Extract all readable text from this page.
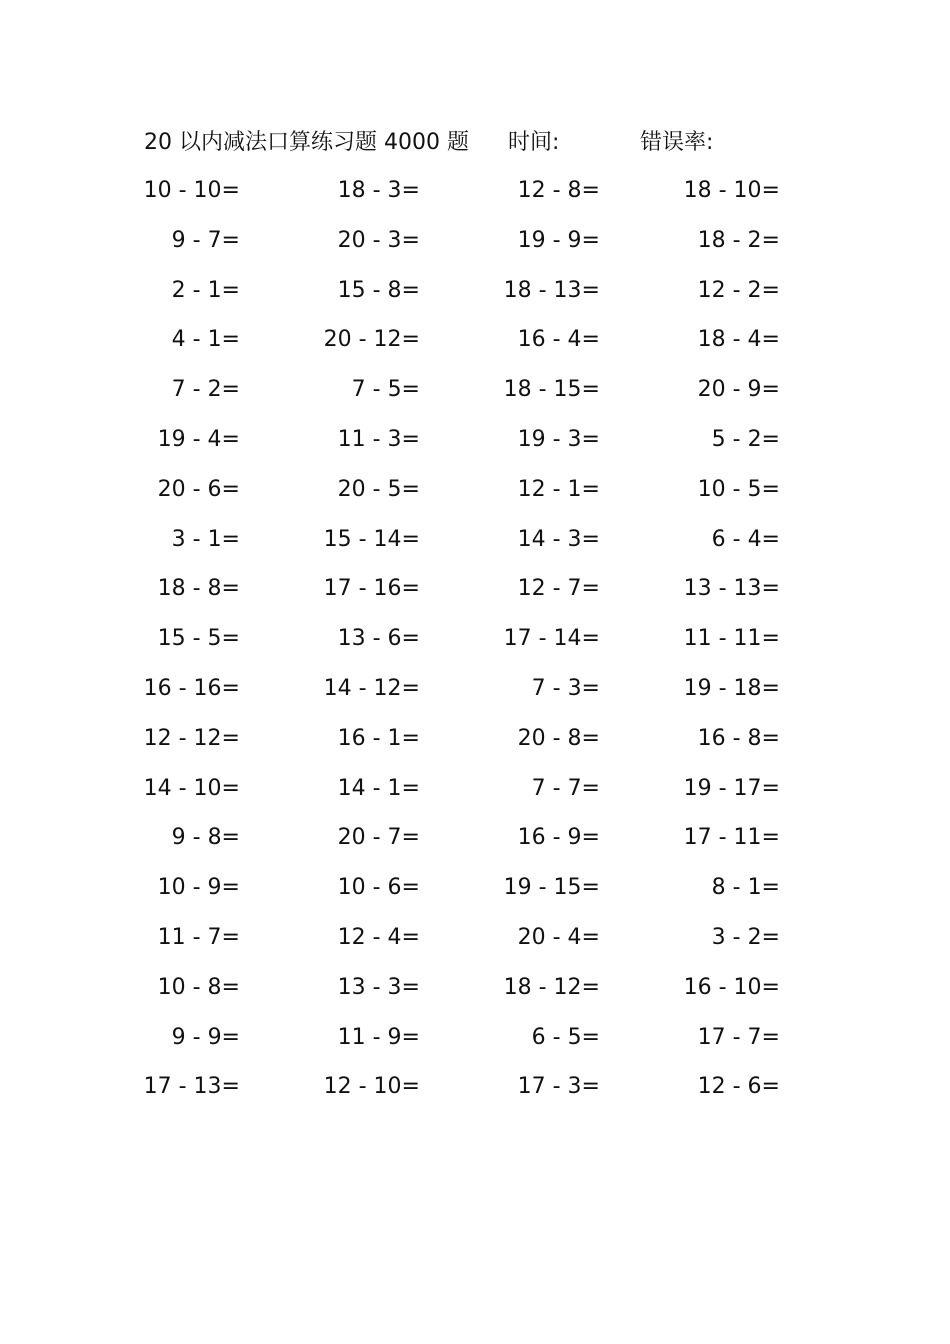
20 以内减法口算练习题 4000 题 时间:	错误率:
10 - 10=	18 - 3=	12 - 8=	18 - 10=
9 - 7=	20 - 3=	19 - 9=	18 - 2=
2 - 1=	15 - 8=	18 - 13=	12 - 2=
4 - 1=	20 - 12=	16 - 4=	18 - 4=
7 - 2=	7 - 5=	18 - 15=	20 - 9=
19 - 4=	11 - 3=	19 - 3=	5 - 2=
20 - 6=	20 - 5=	12 - 1=	10 - 5=
3 - 1=	15 - 14=	14 - 3=	6 - 4=
18 - 8=	17 - 16=	12 - 7=	13 - 13=
15 - 5=	13 - 6=	17 - 14=	11 - 11=
16 - 16=	14 - 12=	7 - 3=	19 - 18=
12 - 12=	16 - 1=	20 - 8=	16 - 8=
14 - 10=	14 - 1=	7 - 7=	19 - 17=
9 - 8=	20 - 7=	16 - 9=	17 - 11=
10 - 9=	10 - 6=	19 - 15=	8 - 1=
11 - 7=	12 - 4=	20 - 4=	3 - 2=
10 - 8=	13 - 3=	18 - 12=	16 - 10=
9 - 9=	11 - 9=	6 - 5=	17 - 7=
17 - 13=	12 - 10=	17 - 3=	12 - 6=
